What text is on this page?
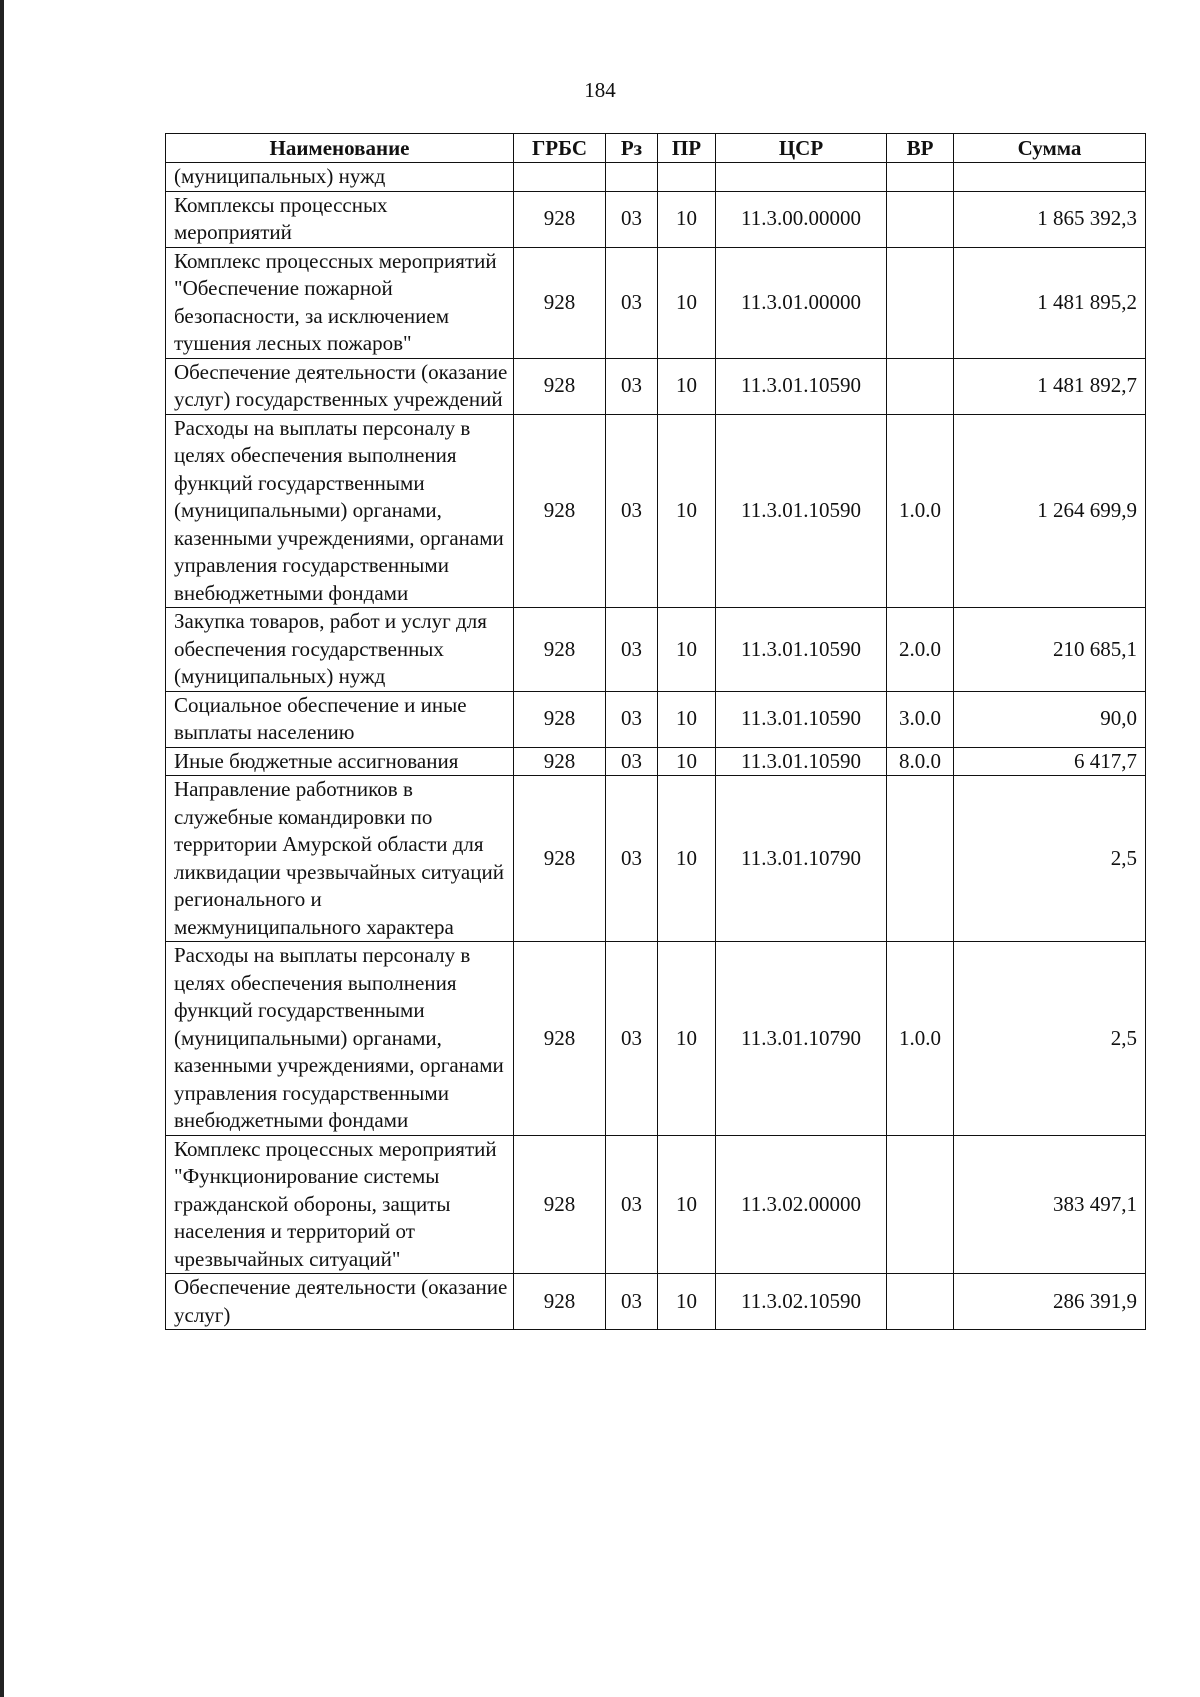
184
Наименование	ГРБС	Рз	ПР	ЦСР	ВР	Сумма
(муниципальных) нужд						
Комплексы процессных мероприятий	928	03	10	11.3.00.00000		1 865 392,3
Комплекс процессных мероприятий "Обеспечение пожарной безопасности, за исключением тушения лесных пожаров"	928	03	10	11.3.01.00000		1 481 895,2
Обеспечение деятельности (оказание услуг) государственных учреждений	928	03	10	11.3.01.10590		1 481 892,7
Расходы на выплаты персоналу в целях обеспечения выполнения функций государственными (муниципальными) органами, казенными учреждениями, органами управления государственными внебюджетными фондами	928	03	10	11.3.01.10590	1.0.0	1 264 699,9
Закупка товаров, работ и услуг для обеспечения государственных (муниципальных) нужд	928	03	10	11.3.01.10590	2.0.0	210 685,1
Социальное обеспечение и иные выплаты населению	928	03	10	11.3.01.10590	3.0.0	90,0
Иные бюджетные ассигнования	928	03	10	11.3.01.10590	8.0.0	6 417,7
Направление работников в служебные командировки по территории Амурской области для ликвидации чрезвычайных ситуаций регионального и межмуниципального характера	928	03	10	11.3.01.10790		2,5
Расходы на выплаты персоналу в целях обеспечения выполнения функций государственными (муниципальными) органами, казенными учреждениями, органами управления государственными внебюджетными фондами	928	03	10	11.3.01.10790	1.0.0	2,5
Комплекс процессных мероприятий "Функционирование системы гражданской обороны, защиты населения и территорий от чрезвычайных ситуаций"	928	03	10	11.3.02.00000		383 497,1
Обеспечение деятельности (оказание услуг)	928	03	10	11.3.02.10590		286 391,9
